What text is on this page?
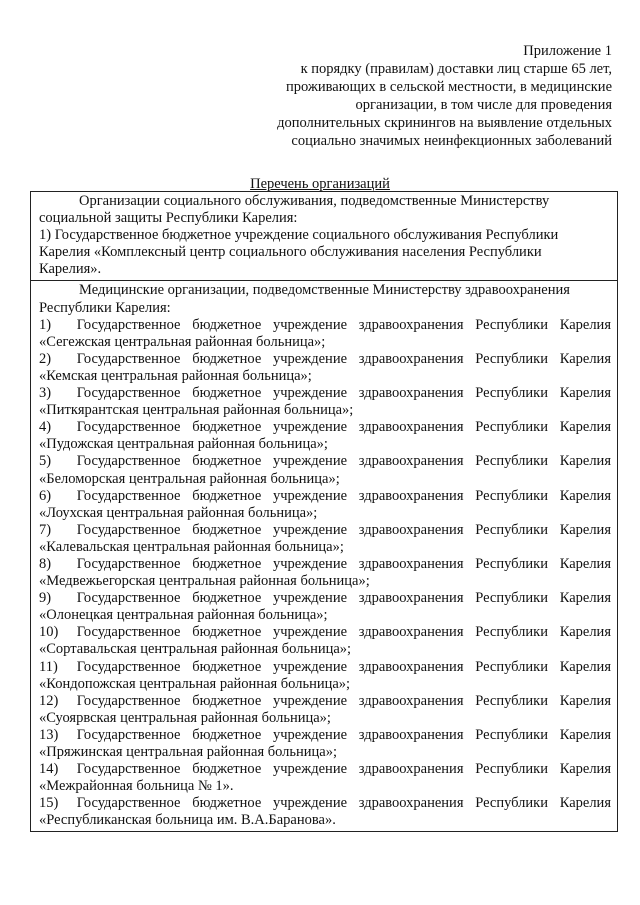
Приложение 1
к порядку (правилам) доставки лиц старше 65 лет,
проживающих в сельской местности, в медицинские
организации, в том числе для проведения
дополнительных скринингов на выявление отдельных
социально значимых неинфекционных заболеваний
Перечень организаций
Организации социального обслуживания, подведомственные Министерству
социальной защиты Республики Карелия:
1) Государственное бюджетное учреждение социального обслуживания Республики
Карелия «Комплексный центр социального обслуживания населения Республики
Карелия».
Медицинские организации, подведомственные Министерству здравоохранения
Республики Карелия:
1)	Государственное бюджетное учреждение здравоохранения Республики Карелия
«Сегежская центральная районная больница»;
2)	Государственное бюджетное учреждение здравоохранения Республики Карелия
«Кемская центральная районная больница»;
3)	Государственное бюджетное учреждение здравоохранения Республики Карелия
«Питкярантская центральная районная больница»;
4)	Государственное бюджетное учреждение здравоохранения Республики Карелия
«Пудожская центральная районная больница»;
5)	Государственное бюджетное учреждение здравоохранения Республики Карелия
«Беломорская центральная районная больница»;
6)	Государственное бюджетное учреждение здравоохранения Республики Карелия
«Лоухская центральная районная больница»;
7)	Государственное бюджетное учреждение здравоохранения Республики Карелия
«Калевальская центральная районная больница»;
8)	Государственное бюджетное учреждение здравоохранения Республики Карелия
«Медвежьегорская центральная районная больница»;
9)	Государственное бюджетное учреждение здравоохранения Республики Карелия
«Олонецкая центральная районная больница»;
10)	Государственное бюджетное учреждение здравоохранения Республики Карелия
«Сортавальская центральная районная больница»;
11)	Государственное бюджетное учреждение здравоохранения Республики Карелия
«Кондопожская центральная районная больница»;
12)	Государственное бюджетное учреждение здравоохранения Республики Карелия
«Суоярвская центральная районная больница»;
13)	Государственное бюджетное учреждение здравоохранения Республики Карелия
«Пряжинская центральная районная больница»;
14)	Государственное бюджетное учреждение здравоохранения Республики Карелия
«Межрайонная больница № 1».
15)	Государственное бюджетное учреждение здравоохранения Республики Карелия
«Республиканская больница им. В.А.Баранова».
